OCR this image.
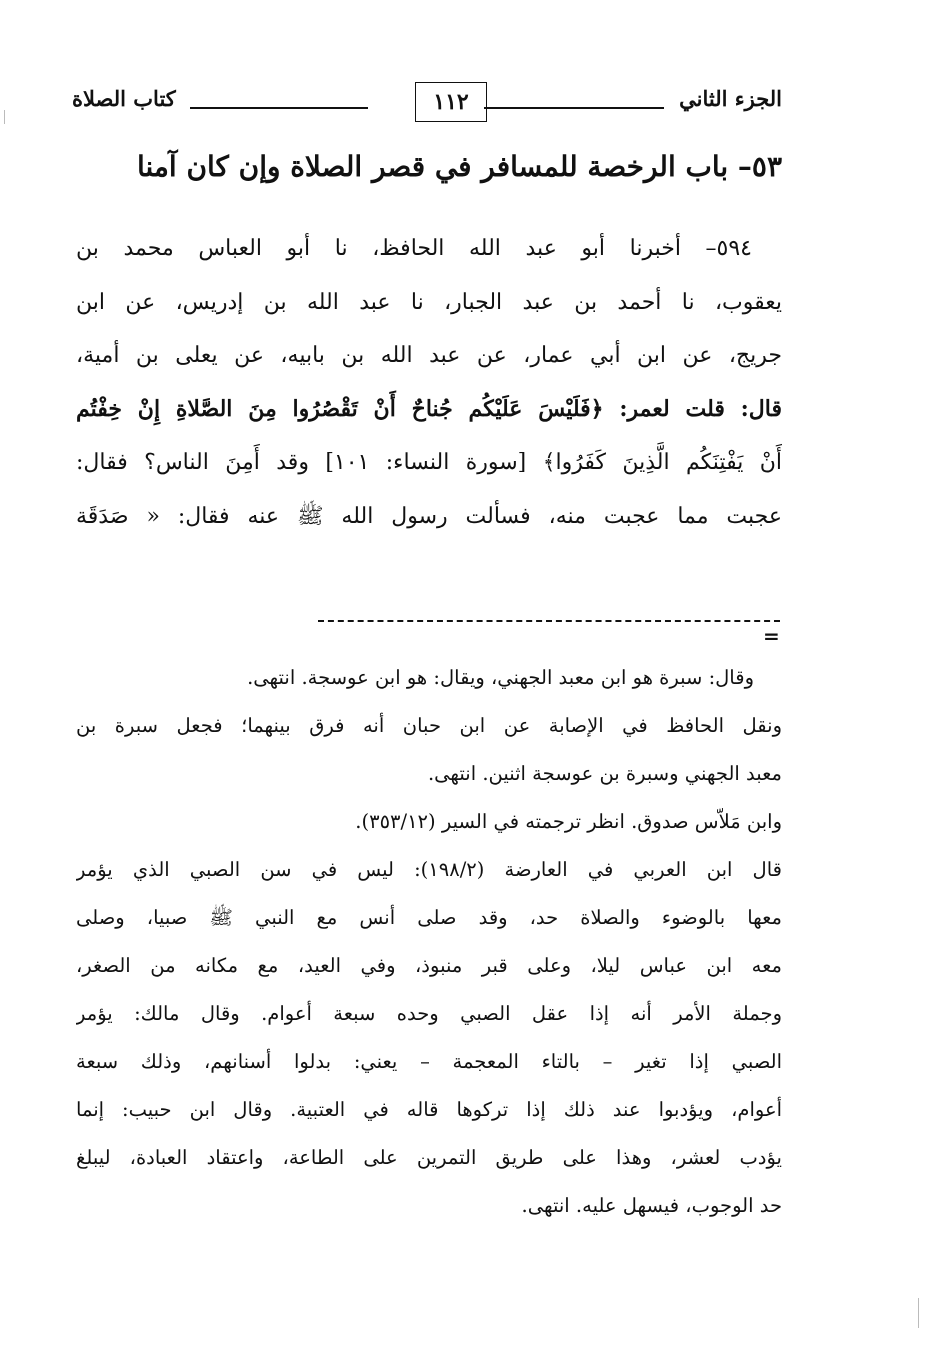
الجزء الثاني
١١٢
كتاب الصلاة
٥٣– باب الرخصة للمسافر في قصر الصلاة وإن كان آمنا
٥٩٤– أخبرنا أبو عبد الله الحافظ، نا أبو العباس محمد بن
يعقوب، نا أحمد بن عبد الجبار، نا عبد الله بن إدريس، عن ابن
جريج، عن ابن أبي عمار، عن عبد الله بن بابيه، عن يعلى بن أمية،
قال: قلت لعمر: ﴿فَلَيْسَ عَلَيْكُم جُناحٌ أَنْ تَقْصُرُوا مِنَ الصَّلاةِ إِنْ خِفْتُم
أَنْ يَفْتِنَكُم الَّذِينَ كَفَرُوا﴾ [سورة النساء: ١٠١] وقد أَمِنَ الناس؟ فقال:
عجبت مما عجبت منه، فسألت رسول الله ﷺ عنه فقال: « صَدَقَة
=
وقال: سبرة هو ابن معبد الجهني، ويقال: هو ابن عوسجة. انتهى.
ونقل الحافظ في الإصابة عن ابن حبان أنه فرق بينهما؛ فجعل سبرة بن
معبد الجهني وسبرة بن عوسجة اثنين. انتهى.
وابن مَلاّس صدوق. انظر ترجمته في السير (٣٥٣/١٢).
قال ابن العربي في العارضة (١٩٨/٢): ليس في سن الصبي الذي يؤمر
معها بالوضوء والصلاة حد، وقد صلى أنس مع النبي ﷺ صبيا، وصلى
معه ابن عباس ليلا، وعلى قبر منبوذ، وفي العيد، مع مكانه من الصغر،
وجملة الأمر أنه إذا عقل الصبي وحده سبعة أعوام. وقال مالك: يؤمر
الصبي إذا تغير – بالتاء المعجمة – يعني: بدلوا أسنانهم، وذلك سبعة
أعوام، ويؤدبوا عند ذلك إذا تركوها قاله في العتبية. وقال ابن حبيب: إنما
يؤدب لعشر، وهذا على طريق التمرين على الطاعة، واعتقاد العبادة، ليبلغ
حد الوجوب، فيسهل عليه. انتهى.
